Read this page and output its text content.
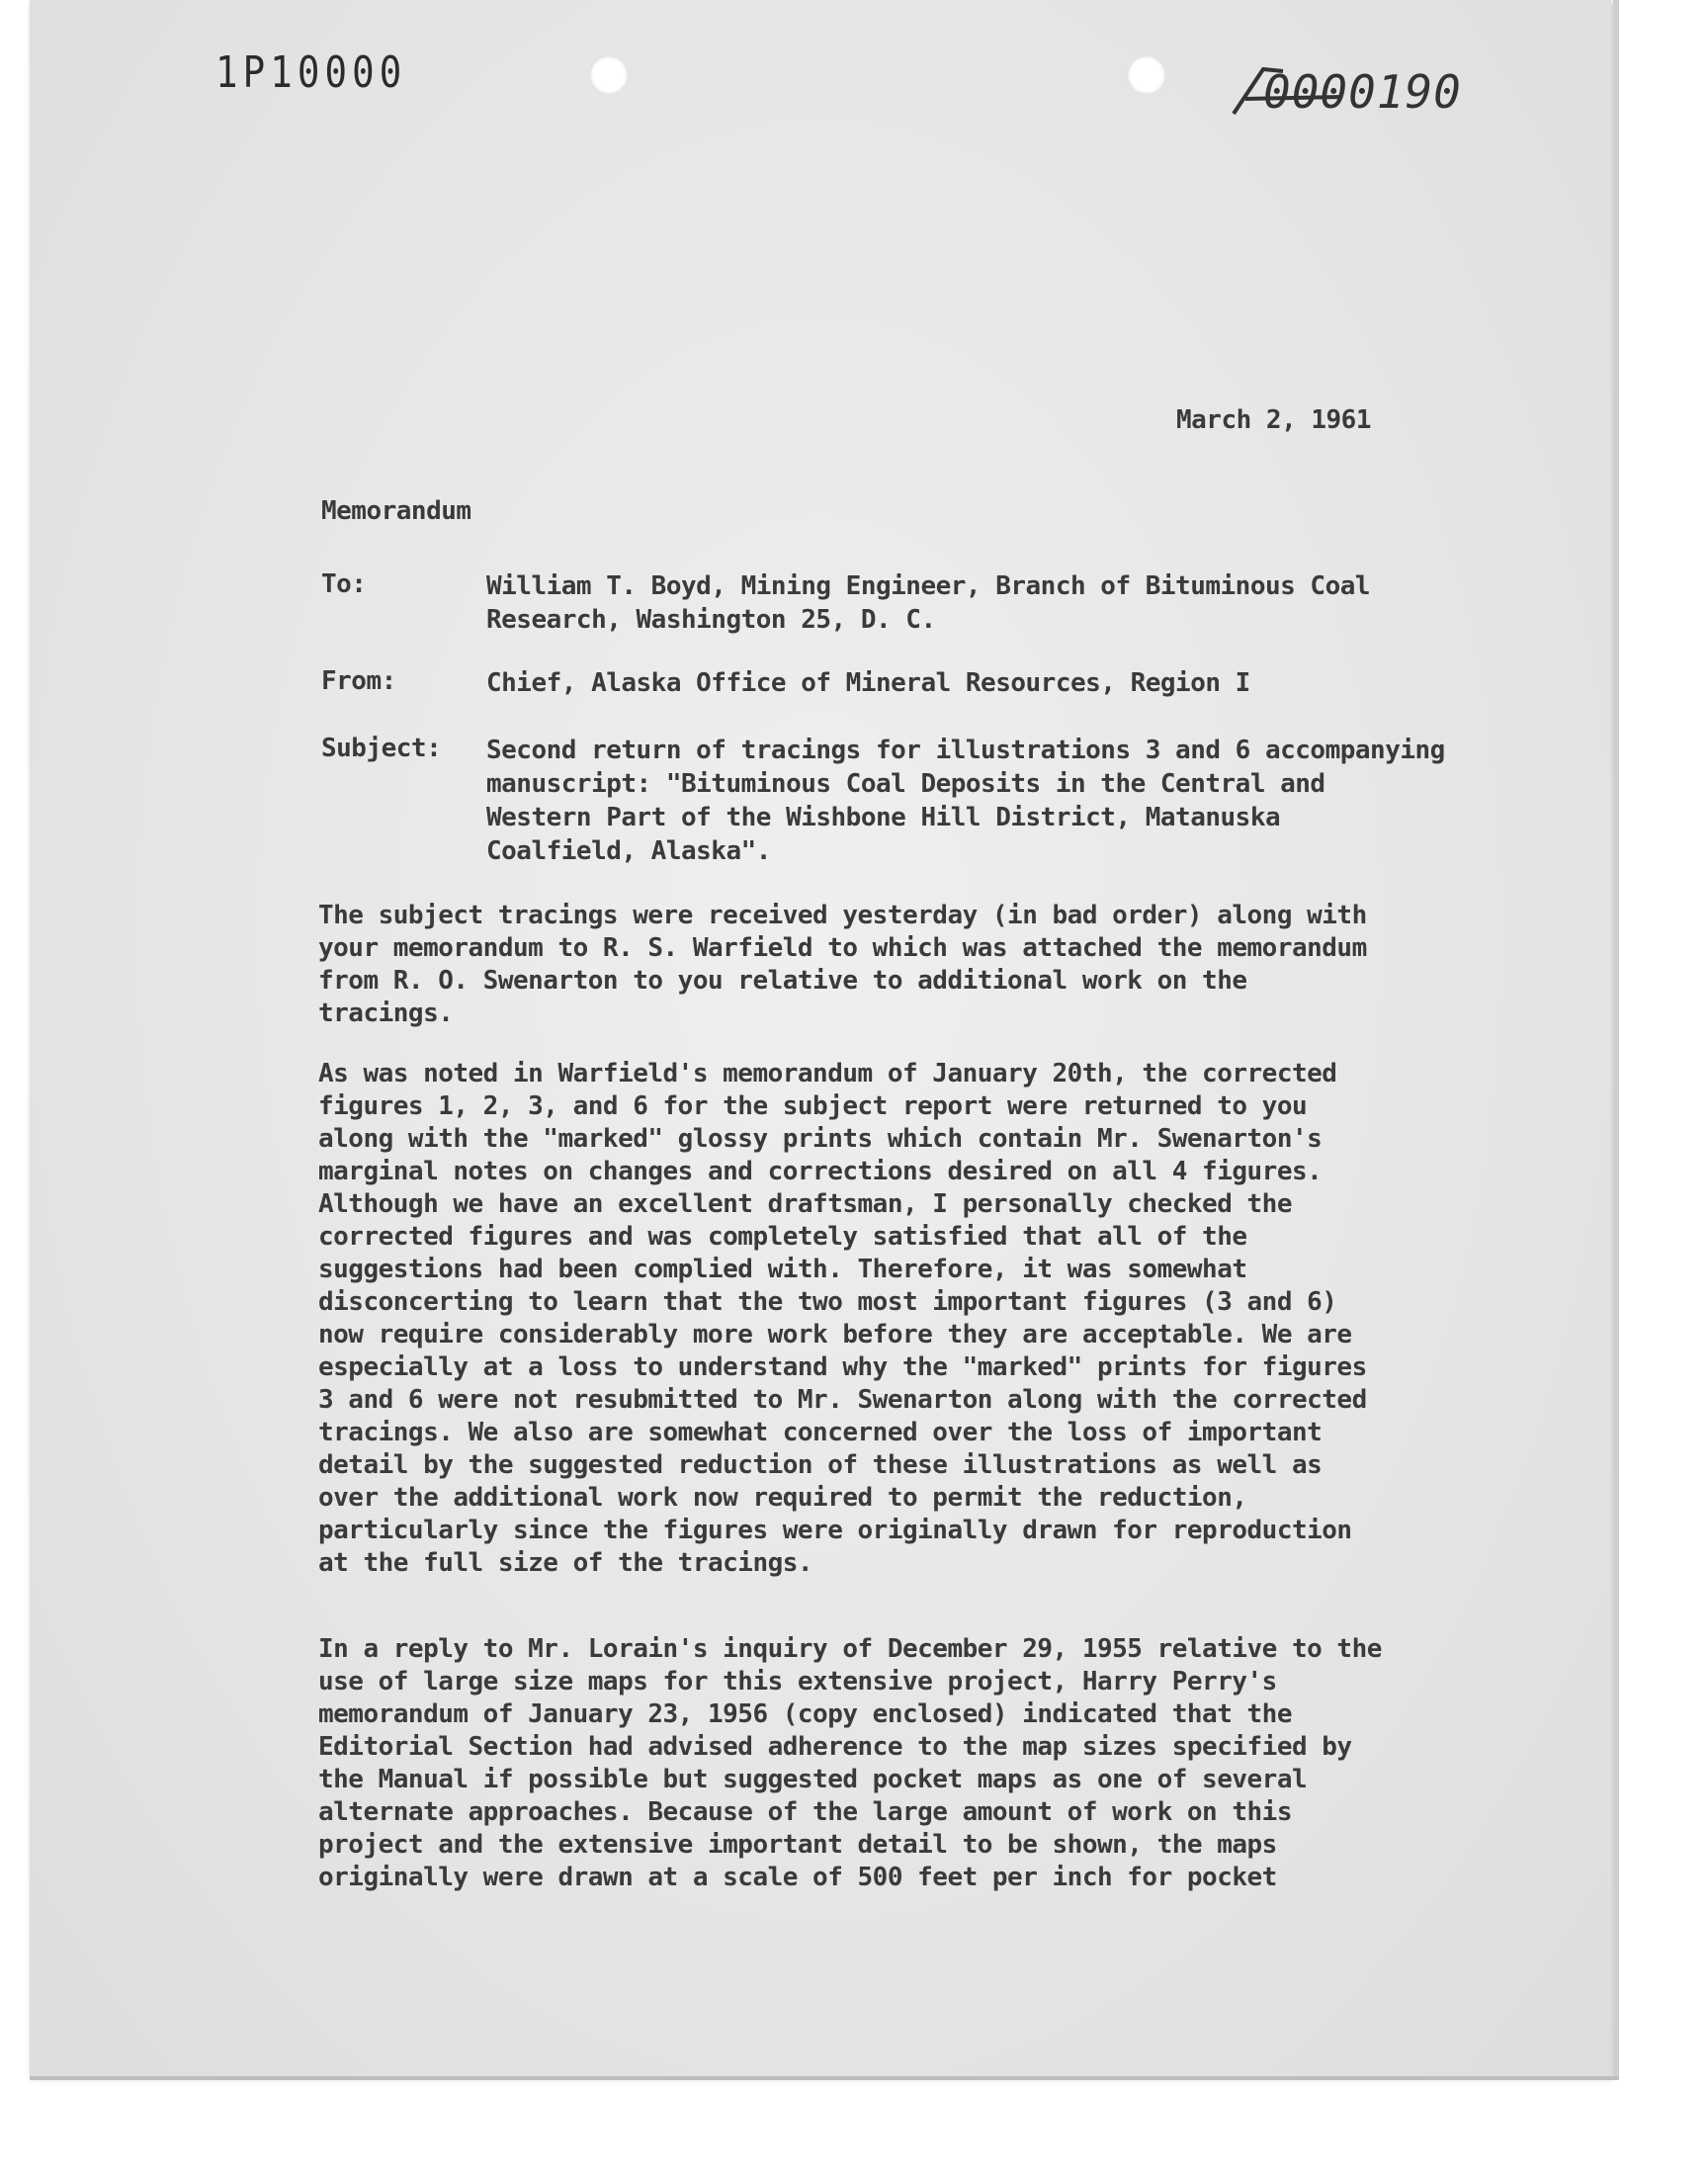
1P10000	0000190
March 2, 1961
Memorandum
To:	William T. Boyd, Mining Engineer, Branch of Bituminous Coal
Research, Washington 25, D. C.
From:	Chief, Alaska Office of Mineral Resources, Region I
Subject: Second return of tracings for illustrations 3 and 6 accompanying
manuscript: "Bituminous Coal Deposits in the Central and
Western Part of the Wishbone Hill District, Matanuska
Coalfield, Alaska".
The subject tracings were received yesterday (in bad order) along with
your memorandum to R. S. Warfield to which was attached the memorandum
from R. O. Swenarton to you relative to additional work on the
tracings.
As was noted in Warfield's memorandum of January 20th, the corrected
figures 1, 2, 3, and 6 for the subject report were returned to you
along with the "marked" glossy prints which contain Mr. Swenarton's
marginal notes on changes and corrections desired on all 4 figures.
Although we have an excellent draftsman, I personally checked the
corrected figures and was completely satisfied that all of the
suggestions had been complied with. Therefore, it was somewhat
disconcerting to learn that the two most important figures (3 and 6)
now require considerably more work before they are acceptable. We are
especially at a loss to understand why the "marked" prints for figures
3 and 6 were not resubmitted to Mr. Swenarton along with the corrected
tracings. We also are somewhat concerned over the loss of important
detail by the suggested reduction of these illustrations as well as
over the additional work now required to permit the reduction,
particularly since the figures were originally drawn for reproduction
at the full size of the tracings.
In a reply to Mr. Lorain's inquiry of December 29, 1955 relative to the
use of large size maps for this extensive project, Harry Perry's
memorandum of January 23, 1956 (copy enclosed) indicated that the
Editorial Section had advised adherence to the map sizes specified by
the Manual if possible but suggested pocket maps as one of several
alternate approaches. Because of the large amount of work on this
project and the extensive important detail to be shown, the maps
originally were drawn at a scale of 500 feet per inch for pocket
